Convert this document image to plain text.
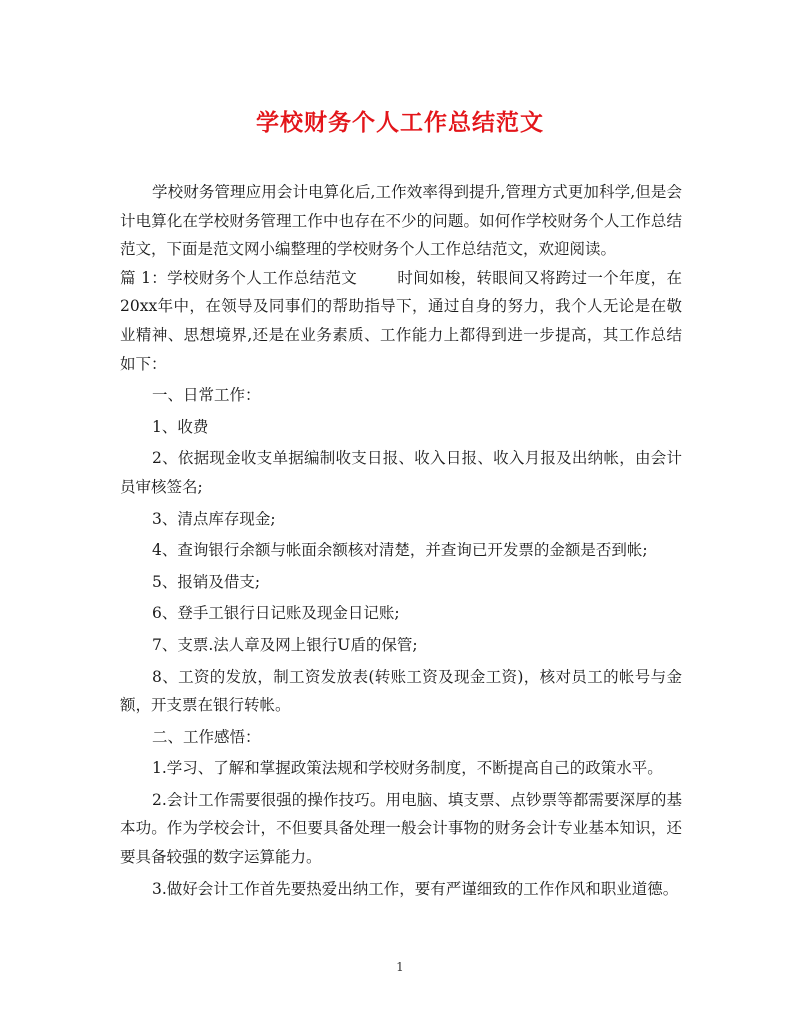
学校财务个人工作总结范文

学校财务管理应用会计电算化后,工作效率得到提升,管理方式更加科学,但是会计电算化在学校财务管理工作中也存在不少的问题。如何作学校财务个人工作总结范文，下面是范文网小编整理的学校财务个人工作总结范文，欢迎阅读。

篇 1：学校财务个人工作总结范文	时间如梭，转眼间又将跨过一个年度，在20xx年中，在领导及同事们的帮助指导下，通过自身的努力，我个人无论是在敬业精神、思想境界,还是在业务素质、工作能力上都得到进一步提高，其工作总结如下：

一、日常工作：

1、收费

2、依据现金收支单据编制收支日报、收入日报、收入月报及出纳帐，由会计员审核签名;

3、清点库存现金;

4、查询银行余额与帐面余额核对清楚，并查询已开发票的金额是否到帐;

5、报销及借支;

6、登手工银行日记账及现金日记账;

7、支票.法人章及网上银行U盾的保管;

8、工资的发放，制工资发放表(转账工资及现金工资)，核对员工的帐号与金额，开支票在银行转帐。

二、工作感悟：

1.学习、了解和掌握政策法规和学校财务制度，不断提高自己的政策水平。

2.会计工作需要很强的操作技巧。用电脑、填支票、点钞票等都需要深厚的基本功。作为学校会计，不但要具备处理一般会计事物的财务会计专业基本知识，还要具备较强的数字运算能力。

3.做好会计工作首先要热爱出纳工作，要有严谨细致的工作作风和职业道德。

1
